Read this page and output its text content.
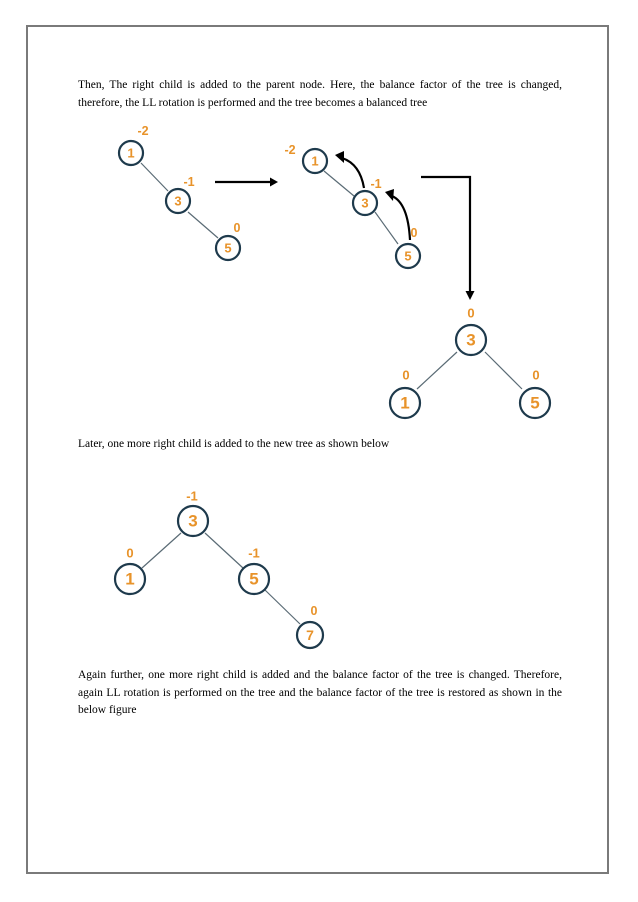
Then, The right child is added to the parent node. Here, the balance factor of the tree is changed, therefore, the LL rotation is performed and the tree becomes a balanced tree

Later, one more right child is added to the new tree as shown below

Again further, one more right child is added and the balance factor of the tree is changed. Therefore, again LL rotation is performed on the tree and the balance factor of the tree is restored as shown in the below figure

1
-2
3
-1
5
0
1
-2
3
-1
5
0
3
0
1
0
5
0
3
-1
1
0
5
-1
7
0
